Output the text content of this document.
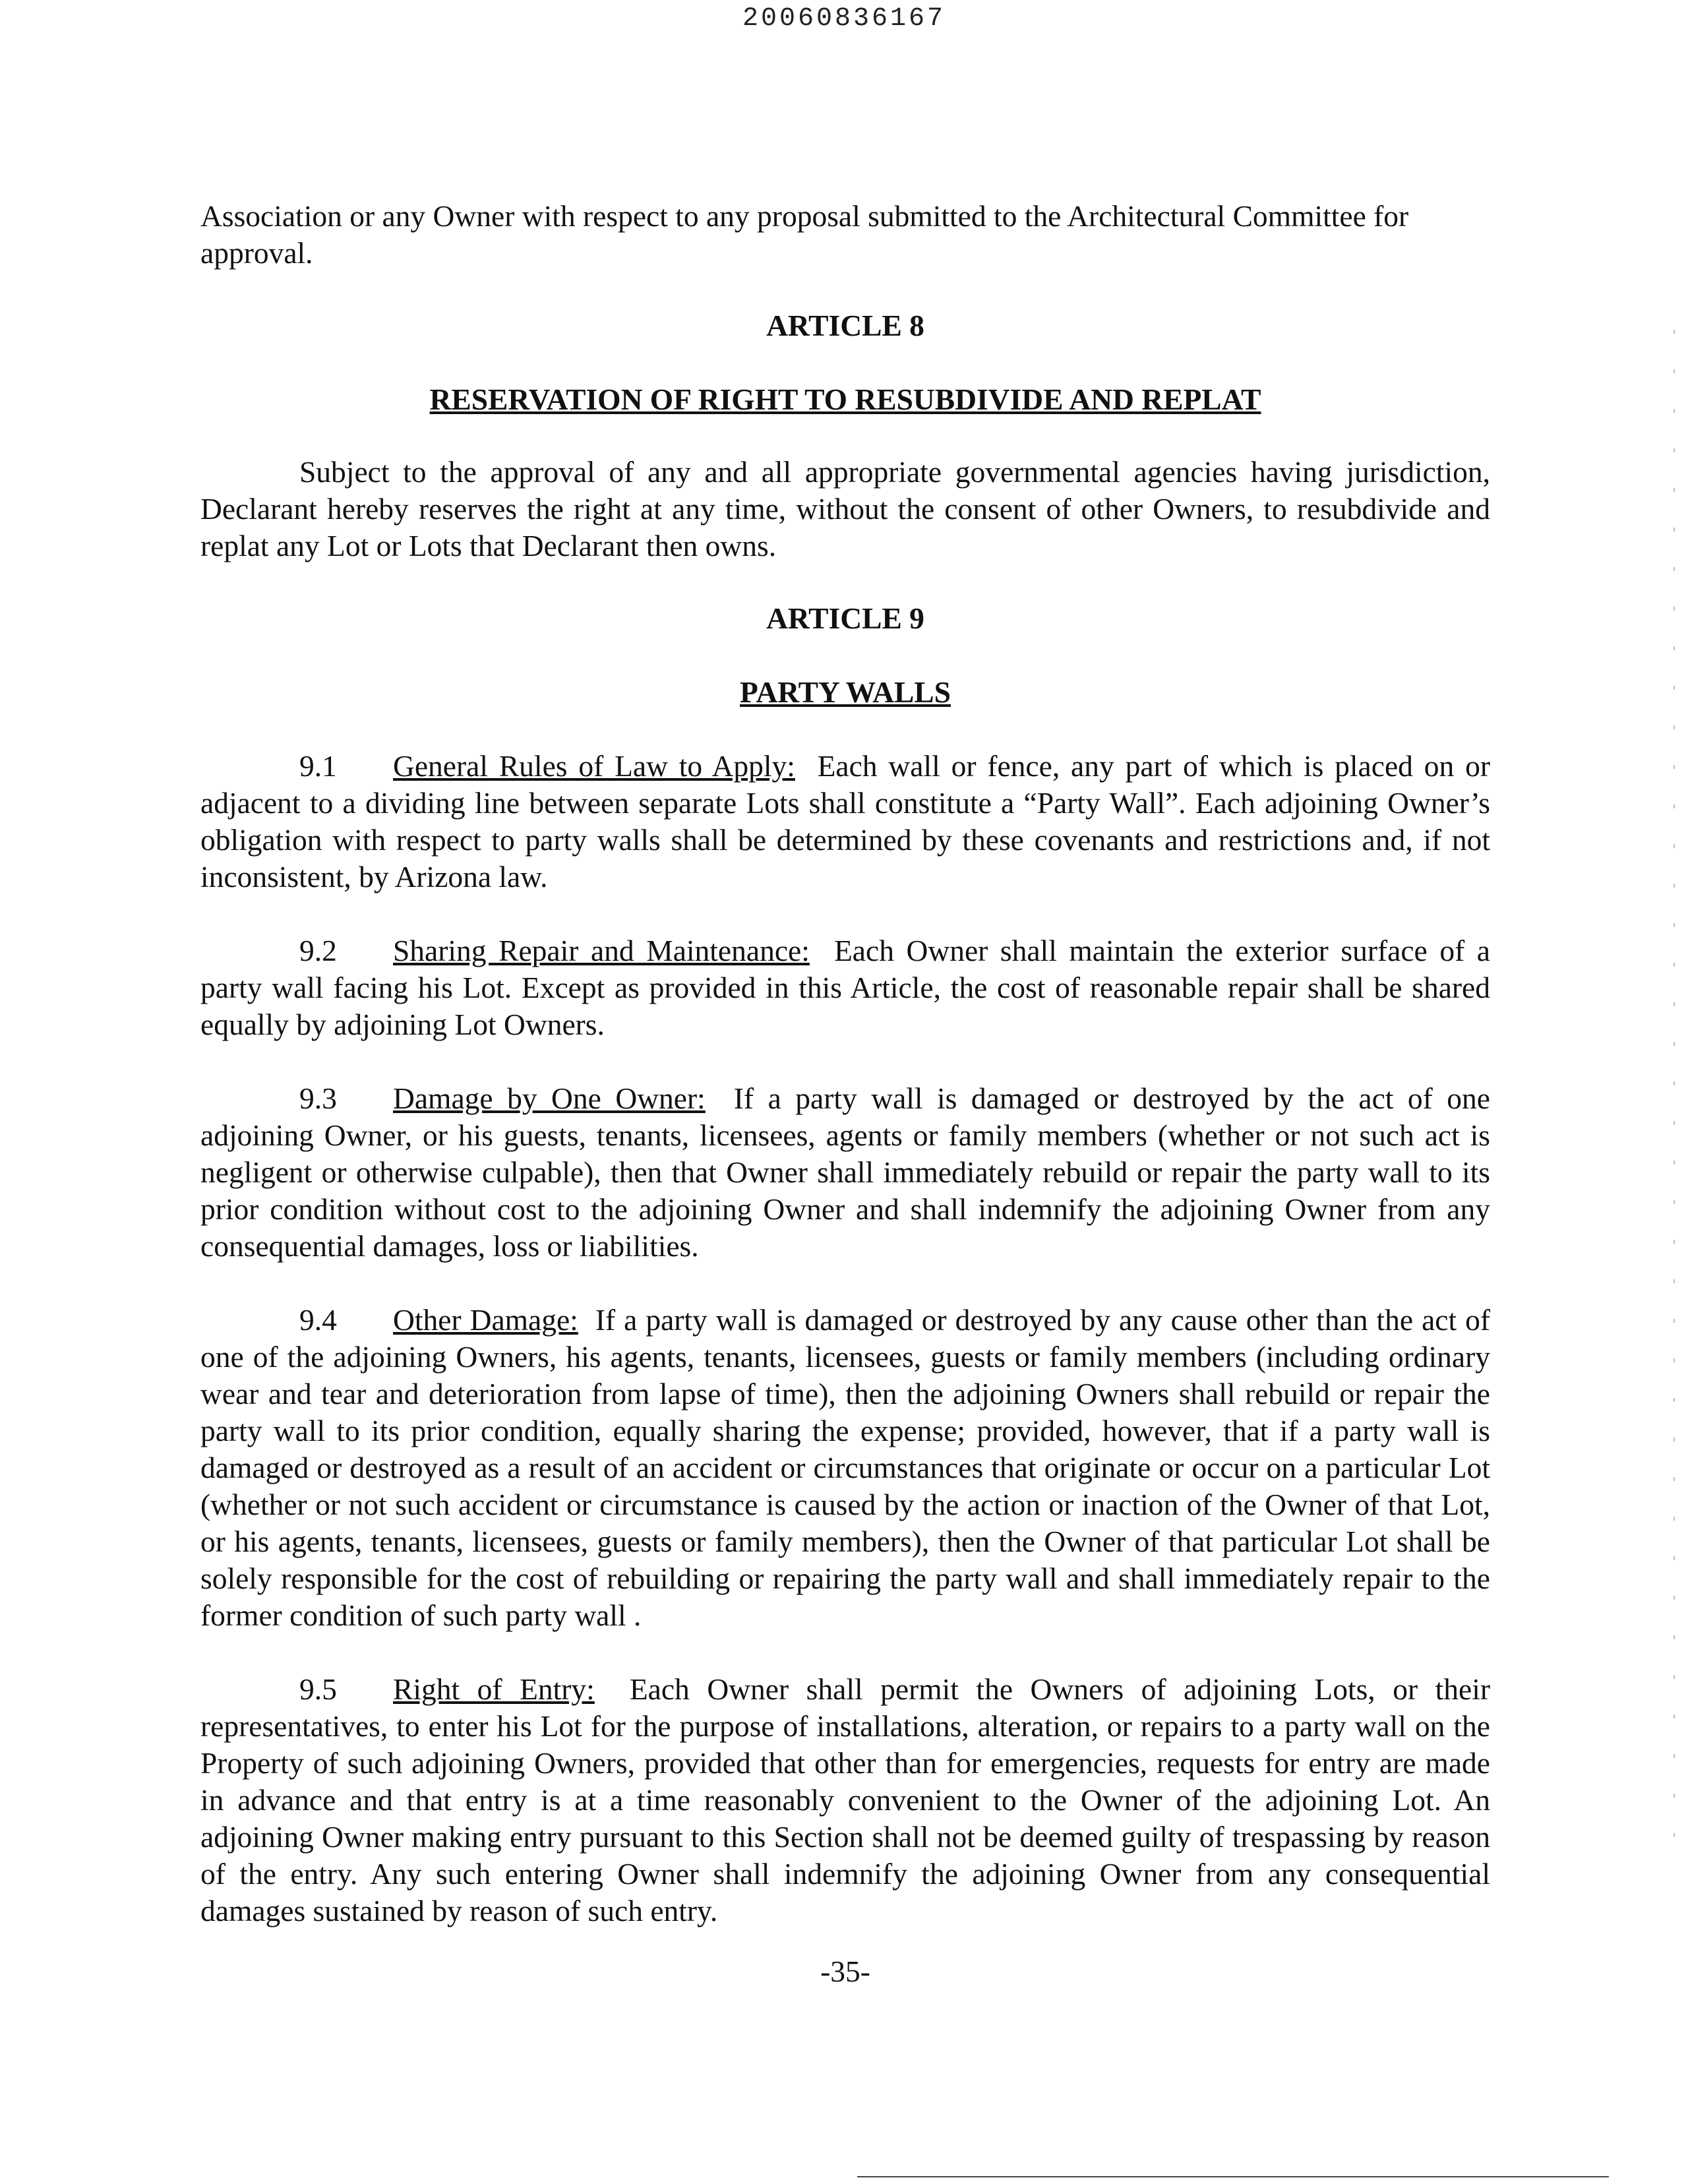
20060836167

Association or any Owner with respect to any proposal submitted to the Architectural Committee for approval.

ARTICLE 8

RESERVATION OF RIGHT TO RESUBDIVIDE AND REPLAT

Subject to the approval of any and all appropriate governmental agencies having jurisdiction, Declarant hereby reserves the right at any time, without the consent of other Owners, to resubdivide and replat any Lot or Lots that Declarant then owns.

ARTICLE 9

PARTY WALLS

9.1 General Rules of Law to Apply: Each wall or fence, any part of which is placed on or adjacent to a dividing line between separate Lots shall constitute a “Party Wall”. Each adjoining Owner’s obligation with respect to party walls shall be determined by these covenants and restrictions and, if not inconsistent, by Arizona law.

9.2 Sharing Repair and Maintenance: Each Owner shall maintain the exterior surface of a party wall facing his Lot. Except as provided in this Article, the cost of reasonable repair shall be shared equally by adjoining Lot Owners.

9.3 Damage by One Owner: If a party wall is damaged or destroyed by the act of one adjoining Owner, or his guests, tenants, licensees, agents or family members (whether or not such act is negligent or otherwise culpable), then that Owner shall immediately rebuild or repair the party wall to its prior condition without cost to the adjoining Owner and shall indemnify the adjoining Owner from any consequential damages, loss or liabilities.

9.4 Other Damage: If a party wall is damaged or destroyed by any cause other than the act of one of the adjoining Owners, his agents, tenants, licensees, guests or family members (including ordinary wear and tear and deterioration from lapse of time), then the adjoining Owners shall rebuild or repair the party wall to its prior condition, equally sharing the expense; provided, however, that if a party wall is damaged or destroyed as a result of an accident or circumstances that originate or occur on a particular Lot (whether or not such accident or circumstance is caused by the action or inaction of the Owner of that Lot, or his agents, tenants, licensees, guests or family members), then the Owner of that particular Lot shall be solely responsible for the cost of rebuilding or repairing the party wall and shall immediately repair to the former condition of such party wall .

9.5 Right of Entry: Each Owner shall permit the Owners of adjoining Lots, or their representatives, to enter his Lot for the purpose of installations, alteration, or repairs to a party wall on the Property of such adjoining Owners, provided that other than for emergencies, requests for entry are made in advance and that entry is at a time reasonably convenient to the Owner of the adjoining Lot. An adjoining Owner making entry pursuant to this Section shall not be deemed guilty of trespassing by reason of the entry. Any such entering Owner shall indemnify the adjoining Owner from any consequential damages sustained by reason of such entry.

-35-
